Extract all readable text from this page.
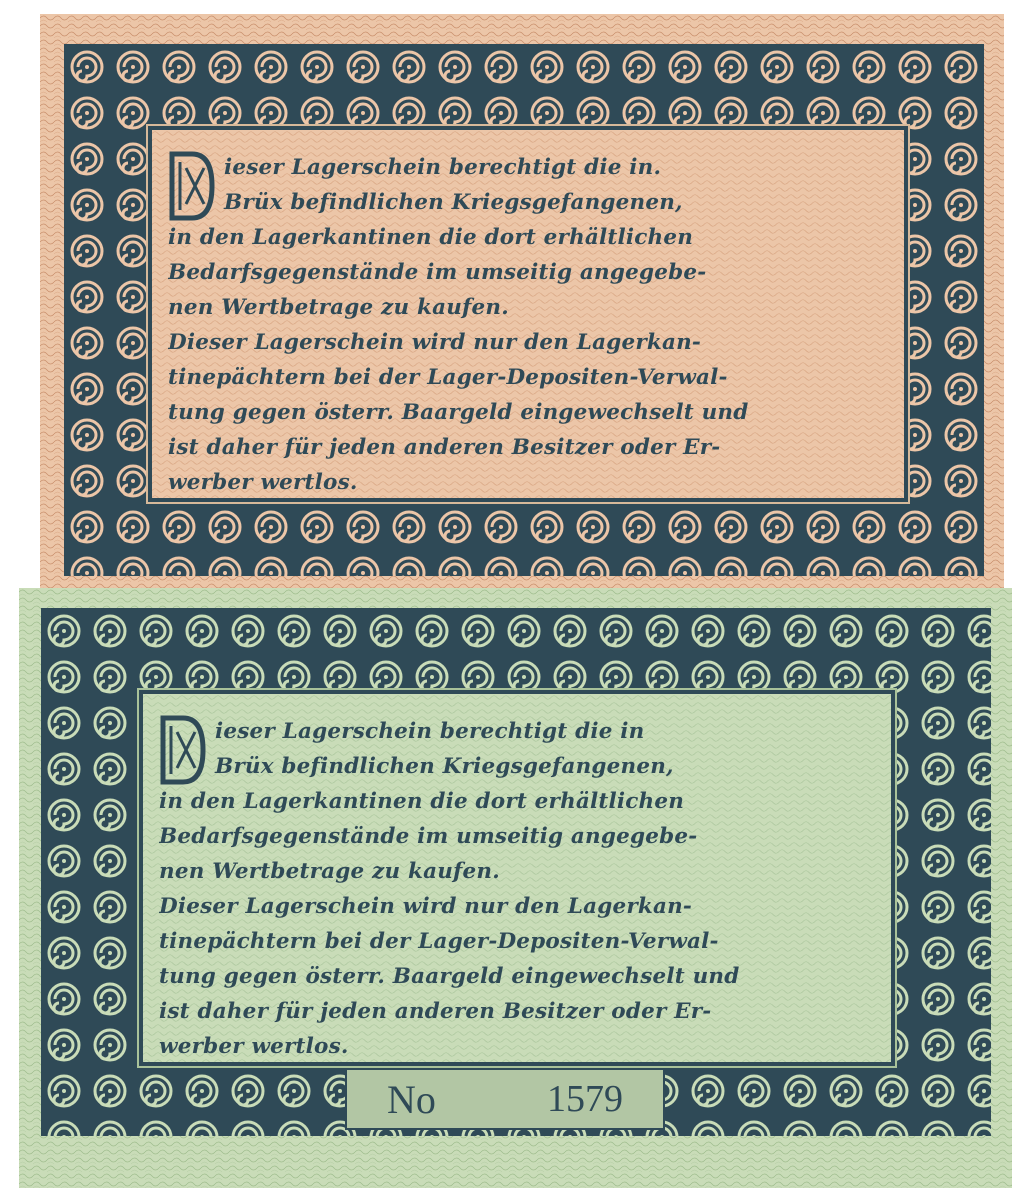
ieser Lagerschein berechtigt die in.
Brüx befindlichen Kriegsgefangenen,
in den Lagerkantinen die dort erhältlichen
Bedarfsgegenstände im umseitig angegebe-
nen Wertbetrage zu kaufen.
Dieser Lagerschein wird nur den Lagerkan-
tinepächtern bei der Lager-Depositen-Verwal-
tung gegen österr. Baargeld eingewechselt und
ist daher für jeden anderen Besitzer oder Er-
werber wertlos.
ieser Lagerschein berechtigt die in
Brüx befindlichen Kriegsgefangenen,
in den Lagerkantinen die dort erhältlichen
Bedarfsgegenstände im umseitig angegebe-
nen Wertbetrage zu kaufen.
Dieser Lagerschein wird nur den Lagerkan-
tinepächtern bei der Lager-Depositen-Verwal-
tung gegen österr. Baargeld eingewechselt und
ist daher für jeden anderen Besitzer oder Er-
werber wertlos.
No	1579
